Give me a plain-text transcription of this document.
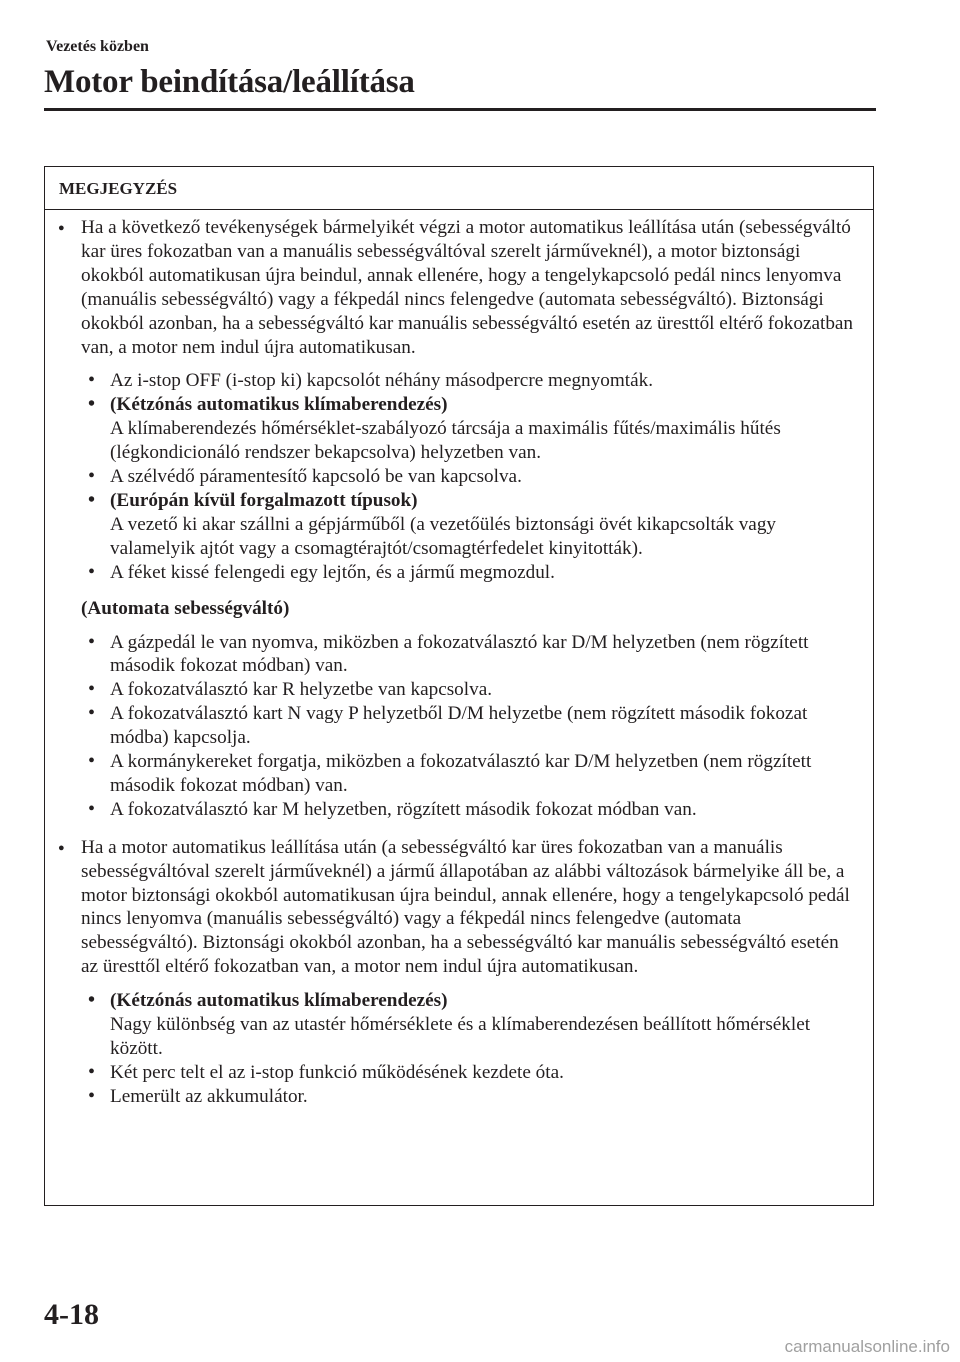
Vezetés közben
Motor beindítása/leállítása
MEGJEGYZÉS

● Ha a következő tevékenységek bármelyikét végzi a motor automatikus leállítása után (sebességváltó kar üres fokozatban van a manuális sebességváltóval szerelt járműveknél), a motor biztonsági okokból automatikusan újra beindul, annak ellenére, hogy a tengelykapcsoló pedál nincs lenyomva (manuális sebességváltó) vagy a fékpedál nincs felengedve (automata sebességváltó). Biztonsági okokból azonban, ha a sebességváltó kar manuális sebességváltó esetén az üresttől eltérő fokozatban van, a motor nem indul újra automatikusan.

• Az i-stop OFF (i-stop ki) kapcsolót néhány másodpercre megnyomták.
• (Kétzónás automatikus klímaberendezés)
A klímaberendezés hőmérséklet-szabályozó tárcsája a maximális fűtés/maximális hűtés (légkondicionáló rendszer bekapcsolva) helyzetben van.
• A szélvédő páramentesítő kapcsoló be van kapcsolva.
• (Európán kívül forgalmazott típusok)
A vezető ki akar szállni a gépjárműből (a vezetőülés biztonsági övét kikapcsolták vagy valamelyik ajtót vagy a csomagtérajtót/csomagtérfedelet kinyitották).
• A féket kissé felengedi egy lejtőn, és a jármű megmozdul.
(Automata sebességváltó)
• A gázpedál le van nyomva, miközben a fokozatválasztó kar D/M helyzetben (nem rögzített második fokozat módban) van.
• A fokozatválasztó kar R helyzetbe van kapcsolva.
• A fokozatválasztó kart N vagy P helyzetből D/M helyzetbe (nem rögzített második fokozat módba) kapcsolja.
• A kormánykereket forgatja, miközben a fokozatválasztó kar D/M helyzetben (nem rögzített második fokozat módban) van.
• A fokozatválasztó kar M helyzetben, rögzített második fokozat módban van.

● Ha a motor automatikus leállítása után (a sebességváltó kar üres fokozatban van a manuális sebességváltóval szerelt járműveknél) a jármű állapotában az alábbi változások bármelyike áll be, a motor biztonsági okokból automatikusan újra beindul, annak ellenére, hogy a tengelykapcsoló pedál nincs lenyomva (manuális sebességváltó) vagy a fékpedál nincs felengedve (automata sebességváltó). Biztonsági okokból azonban, ha a sebességváltó kar manuális sebességváltó esetén az üresttől eltérő fokozatban van, a motor nem indul újra automatikusan.

• (Kétzónás automatikus klímaberendezés)
Nagy különbség van az utastér hőmérséklete és a klímaberendezésen beállított hőmérséklet között.
• Két perc telt el az i-stop funkció működésének kezdete óta.
• Lemerült az akkumulátor.
4-18
carmanualsonline.info
